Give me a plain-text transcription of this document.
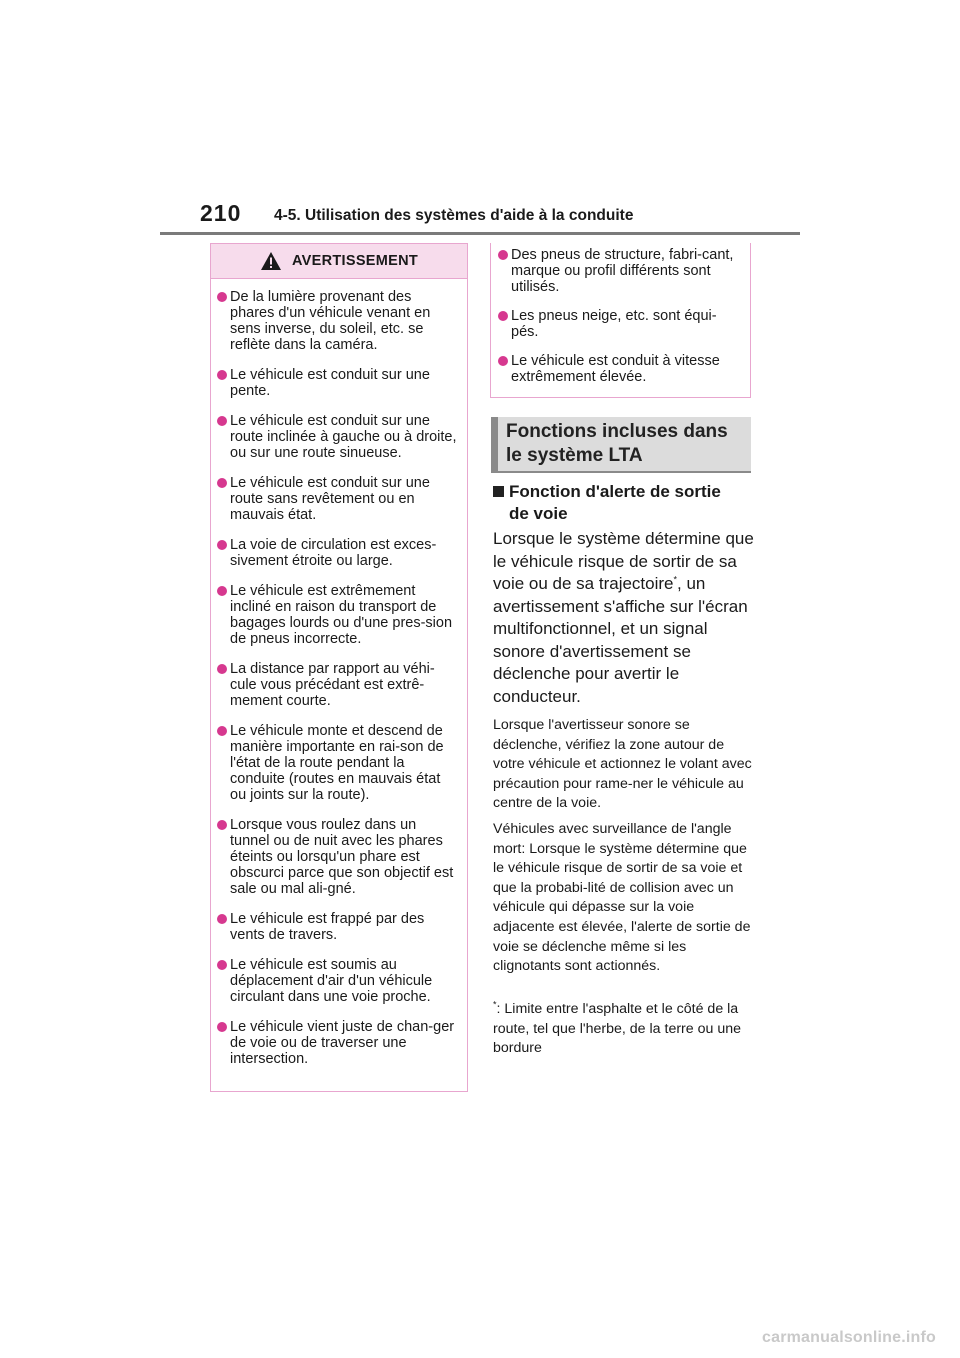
210 4-5. Utilisation des systèmes d'aide à la conduite
AVERTISSEMENT
De la lumière provenant des phares d'un véhicule venant en sens inverse, du soleil, etc. se reflète dans la caméra.
Le véhicule est conduit sur une pente.
Le véhicule est conduit sur une route inclinée à gauche ou à droite, ou sur une route sinueuse.
Le véhicule est conduit sur une route sans revêtement ou en mauvais état.
La voie de circulation est exces-sivement étroite ou large.
Le véhicule est extrêmement incliné en raison du transport de bagages lourds ou d'une pres-sion de pneus incorrecte.
La distance par rapport au véhi-cule vous précédant est extrê-mement courte.
Le véhicule monte et descend de manière importante en rai-son de l'état de la route pendant la conduite (routes en mauvais état ou joints sur la route).
Lorsque vous roulez dans un tunnel ou de nuit avec les phares éteints ou lorsqu'un phare est obscurci parce que son objectif est sale ou mal ali-gné.
Le véhicule est frappé par des vents de travers.
Le véhicule est soumis au déplacement d'air d'un véhicule circulant dans une voie proche.
Le véhicule vient juste de chan-ger de voie ou de traverser une intersection.
Des pneus de structure, fabri-cant, marque ou profil différents sont utilisés.
Les pneus neige, etc. sont équi-pés.
Le véhicule est conduit à vitesse extrêmement élevée.
Fonctions incluses dans
le système LTA
Fonction d'alerte de sortie
de voie
Lorsque le système détermine que le véhicule risque de sortir de sa voie ou de sa trajectoire*, un avertissement s'affiche sur l'écran multifonctionnel, et un signal sonore d'avertissement se déclenche pour avertir le conducteur.
Lorsque l'avertisseur sonore se déclenche, vérifiez la zone autour de votre véhicule et actionnez le volant avec précaution pour rame-ner le véhicule au centre de la voie.
Véhicules avec surveillance de l'angle mort: Lorsque le système détermine que le véhicule risque de sortir de sa voie et que la probabi-lité de collision avec un véhicule qui dépasse sur la voie adjacente est élevée, l'alerte de sortie de voie se déclenche même si les clignotants sont actionnés.
*: Limite entre l'asphalte et le côté de la route, tel que l'herbe, de la terre ou une bordure
carmanualsonline.info
